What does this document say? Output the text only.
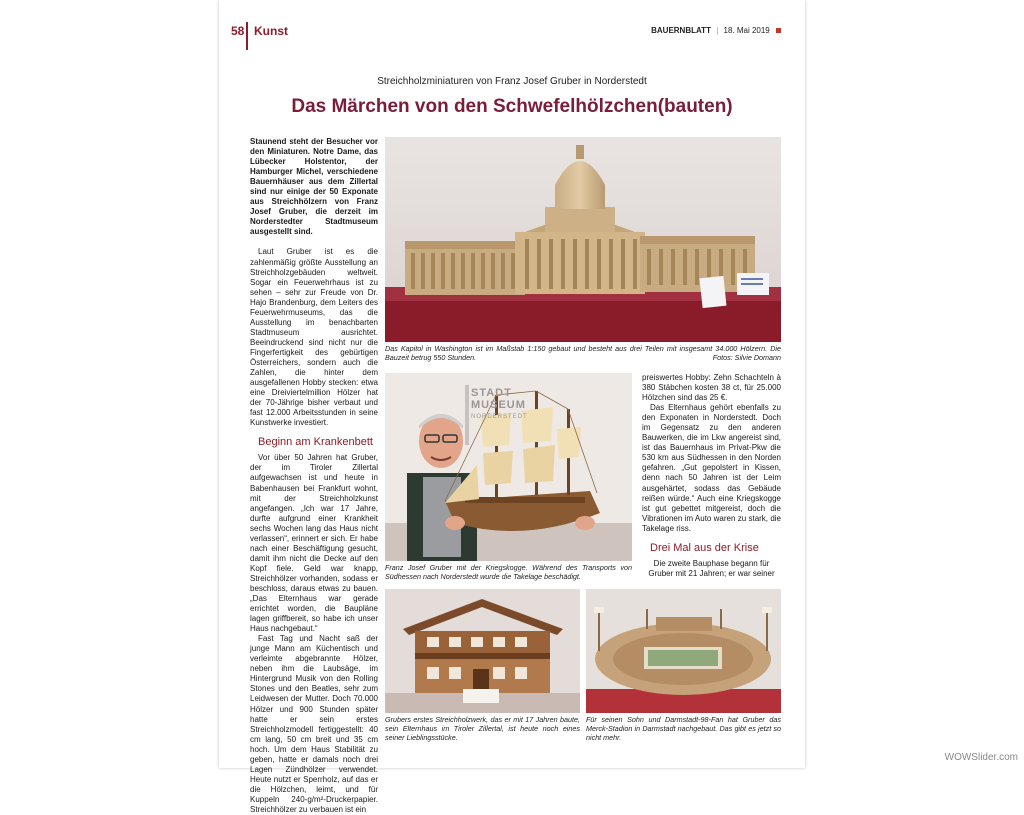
58 Kunst	BAUERNBLATT | 18. Mai 2019
Streichholzminiaturen von Franz Josef Gruber in Norderstedt
Das Märchen von den Schwefelhölzchen(bauten)

Staunend steht der Besucher vor den Miniaturen. Notre Dame, das Lübecker Holstentor, der Hamburger Michel, verschiedene Bauernhäuser aus dem Zillertal sind nur einige der 50 Exponate aus Streichhölzern von Franz Josef Gruber, die derzeit im Norderstedter Stadtmuseum ausgestellt sind.

Laut Gruber ist es die zahlenmäßig größte Ausstellung an Streichholzgebäuden weltweit. Sogar ein Feuerwehrhaus ist zu sehen – sehr zur Freude von Dr. Hajo Brandenburg, dem Leiters des Feuerwehrmuseums, das die Ausstellung im benachbarten Stadtmuseum ausrichtet. Beeindruckend sind nicht nur die Fingerfertigkeit des gebürtigen Österreichers, sondern auch die Zahlen, die hinter dem ausgefallenen Hobby stecken: etwa eine Dreiviertelmillion Hölzer hat der 70-Jährige bisher verbaut und fast 12.000 Arbeitsstunden in seine Kunstwerke investiert.

Beginn am Krankenbett

Vor über 50 Jahren hat Gruber, der im Tiroler Zillertal aufgewachsen ist und heute in Babenhausen bei Frankfurt wohnt, mit der Streichholzkunst angefangen. „Ich war 17 Jahre, durfte aufgrund einer Krankheit sechs Wochen lang das Haus nicht verlassen“, erinnert er sich. Er habe nach einer Beschäftigung gesucht, damit ihm nicht die Decke auf den Kopf fiele. Geld war knapp, Streichhölzer vorhanden, sodass er beschloss, daraus etwas zu bauen. „Das Elternhaus war gerade errichtet worden, die Baupläne lagen griffbereit, so habe ich unser Haus nachgebaut.“

Fast Tag und Nacht saß der junge Mann am Küchentisch und verleimte abgebrannte Hölzer, neben ihm die Laubsäge, im Hintergrund Musik von den Rolling Stones und den Beatles, sehr zum Leidwesen der Mutter. Doch 70.000 Hölzer und 900 Stunden später hatte er sein erstes Streichholzmodell fertiggestellt: 40 cm lang, 50 cm breit und 35 cm hoch. Um dem Haus Stabilität zu geben, hatte er damals noch drei Lagen Zündhölzer verwendet. Heute nutzt er Sperrholz, auf das er die Hölzchen, leimt, und für Kuppeln 240-g/m²-Druckerpapier. Streichhölzer zu verbauen ist ein

Das Kapitol in Washington ist im Maßstab 1:150 gebaut und besteht aus drei Teilen mit insgesamt 34.000 Hölzern. Die Bauzeit betrug 550 Stunden.	Fotos: Silvie Domann
STADT MUSEUM
NORDERSTEDT
Franz Josef Gruber mit der Kriegskogge. Während des Transports von Südhessen nach Norderstedt wurde die Takelage beschädigt.

preiswertes Hobby: Zehn Schachteln à 380 Stäbchen kosten 38 ct, für 25.000 Hölzchen sind das 25 €.

Das Elternhaus gehört ebenfalls zu den Exponaten in Norderstedt. Doch im Gegensatz zu den anderen Bauwerken, die im Lkw angereist sind, ist das Bauernhaus im Privat-Pkw die 530 km aus Südhessen in den Norden gefahren. „Gut gepolstert in Kissen, denn nach 50 Jahren ist der Leim ausgehärtet, sodass das Gebäude reißen würde.“ Auch eine Kriegskogge ist gut gebettet mitgereist, doch die Vibrationen im Auto waren zu stark, die Takelage riss.

Drei Mal aus der Krise

Die zweite Bauphase begann für Gruber mit 21 Jahren; er war seiner

Grubers erstes Streichholzwerk, das er mit 17 Jahren baute, sein Elternhaus im Tiroler Zillertal, ist heute noch eines seiner Lieblingsstücke.
Für seinen Sohn und Darmstadt-98-Fan hat Gruber das Merck-Stadion in Darmstadt nachgebaut. Das gibt es jetzt so nicht mehr.
WOWSlider.com
